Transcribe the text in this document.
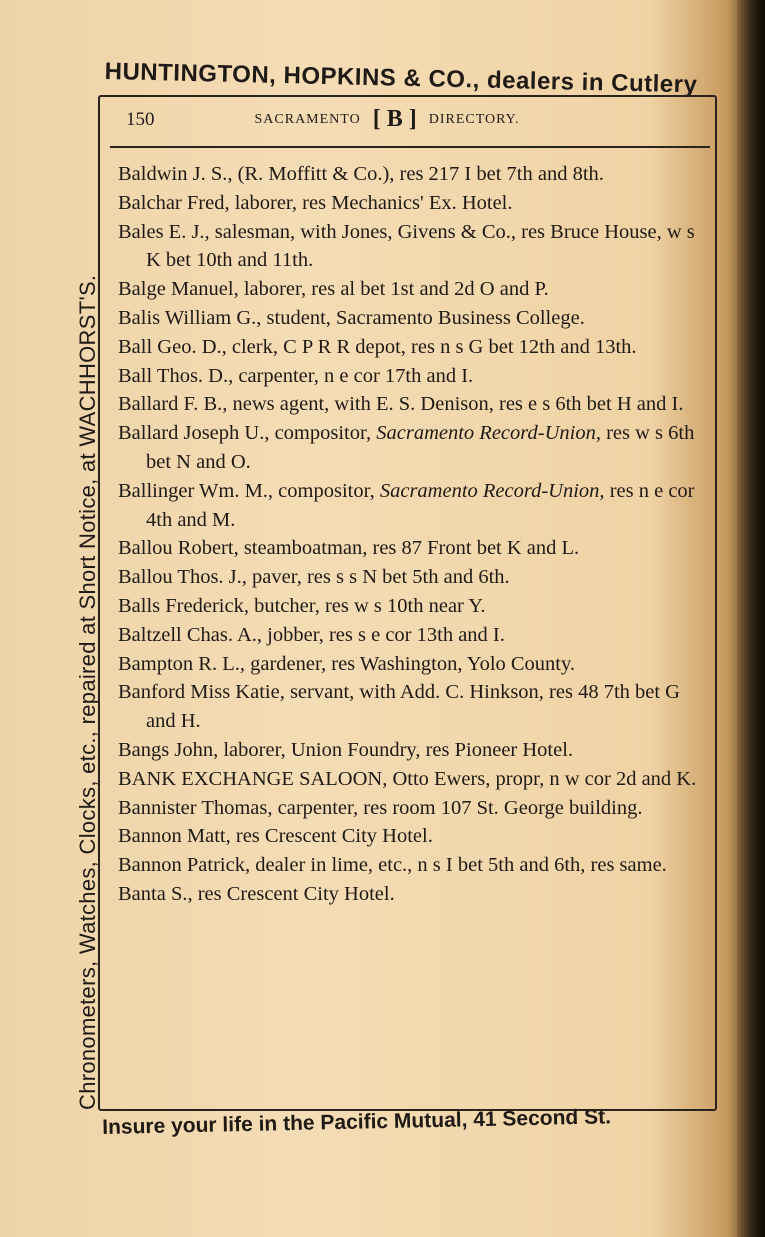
HUNTINGTON, HOPKINS & CO., dealers in Cutlery
Chronometers, Watches, Clocks, etc., repaired at Short Notice, at WACHHORST'S.
150	SACRAMENTO [ B ] DIRECTORY.

Baldwin J. S., (R. Moffitt & Co.), res 217 I bet 7th and 8th.

Balchar Fred, laborer, res Mechanics' Ex. Hotel.

Bales E. J., salesman, with Jones, Givens & Co., res Bruce House, w s K bet 10th and 11th.

Balge Manuel, laborer, res al bet 1st and 2d O and P.

Balis William G., student, Sacramento Business College.

Ball Geo. D., clerk, C P R R depot, res n s G bet 12th and 13th.

Ball Thos. D., carpenter, n e cor 17th and I.

Ballard F. B., news agent, with E. S. Denison, res e s 6th bet H and I.

Ballard Joseph U., compositor, Sacramento Record-Union, res w s 6th bet N and O.

Ballinger Wm. M., compositor, Sacramento Record-Union, res n e cor 4th and M.

Ballou Robert, steamboatman, res 87 Front bet K and L.

Ballou Thos. J., paver, res s s N bet 5th and 6th.

Balls Frederick, butcher, res w s 10th near Y.

Baltzell Chas. A., jobber, res s e cor 13th and I.

Bampton R. L., gardener, res Washington, Yolo County.

Banford Miss Katie, servant, with Add. C. Hinkson, res 48 7th bet G and H.

Bangs John, laborer, Union Foundry, res Pioneer Hotel.

BANK EXCHANGE SALOON, Otto Ewers, propr, n w cor 2d and K.

Bannister Thomas, carpenter, res room 107 St. George building.

Bannon Matt, res Crescent City Hotel.

Bannon Patrick, dealer in lime, etc., n s I bet 5th and 6th, res same.

Banta S., res Crescent City Hotel.

Insure your life in the Pacific Mutual, 41 Second St.
